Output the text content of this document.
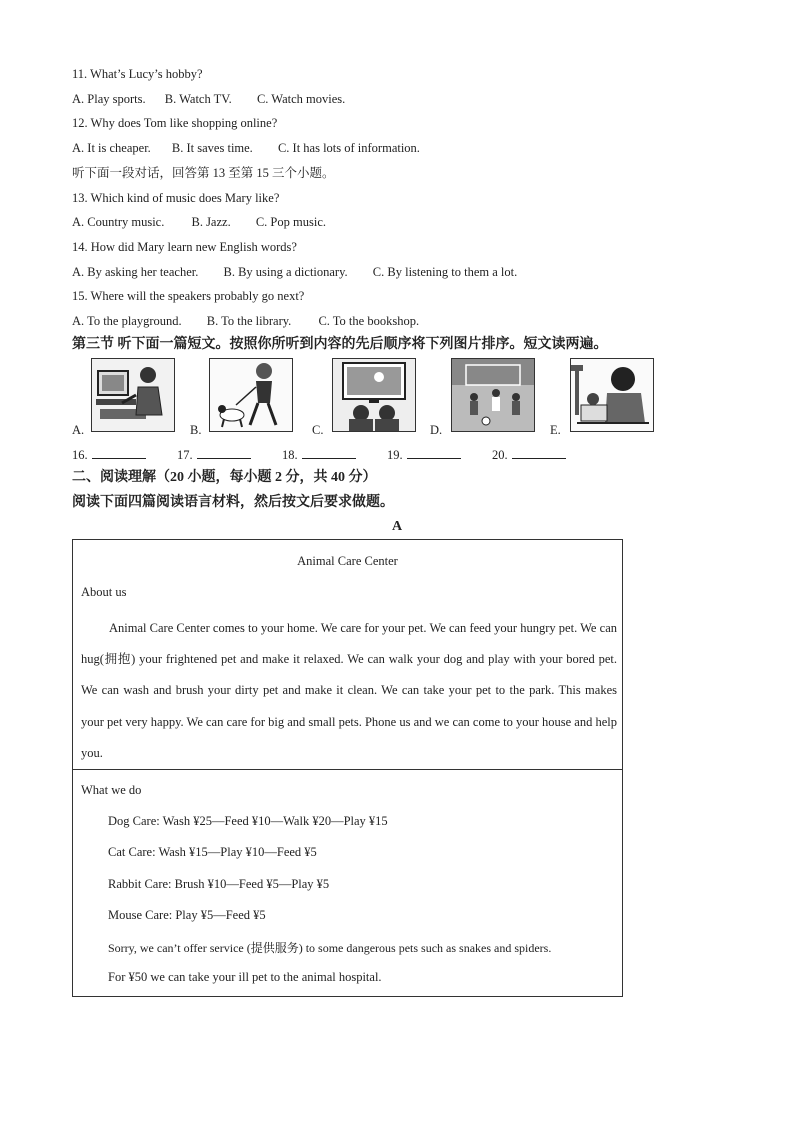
11. What’s Lucy’s hobby?
A. Play sports. B. Watch TV. C. Watch movies.
12. Why does Tom like shopping online?
A. It is cheaper. B. It saves time. C. It has lots of information.
听下面一段对话，回答第 13 至第 15 三个小题。
13. Which kind of music does Mary like?
A. Country music. B. Jazz. C. Pop music.
14. How did Mary learn new English words?
A. By asking her teacher. B. By using a dictionary. C. By listening to them a lot.
15. Where will the speakers probably go next?
A. To the playground. B. To the library. C. To the bookshop.
第三节 听下面一篇短文。按照你所听到内容的先后顺序将下列图片排序。短文读两遍。
A.	B.	C.	D.	E.
16.	17.	18.	19.	20.
二、阅读理解（20 小题，每小题 2 分，共 40 分）
阅读下面四篇阅读语言材料，然后按文后要求做题。
A
Animal Care Center
About us
Animal Care Center comes to your home. We care for your pet. We can feed your hungry pet. We can hug(拥抱) your frightened pet and make it relaxed. We can walk your dog and play with your bored pet. We can wash and brush your dirty pet and make it clean. We can take your pet to the park. This makes your pet very happy. We can care for big and small pets. Phone us and we can come to your house and help you.
What we do
Dog Care: Wash ¥25—Feed ¥10—Walk ¥20—Play ¥15
Cat Care: Wash ¥15—Play ¥10—Feed ¥5
Rabbit Care: Brush ¥10—Feed ¥5—Play ¥5
Mouse Care: Play ¥5—Feed ¥5
Sorry, we can’t offer service (提供服务) to some dangerous pets such as snakes and spiders.
For ¥50 we can take your ill pet to the animal hospital.
